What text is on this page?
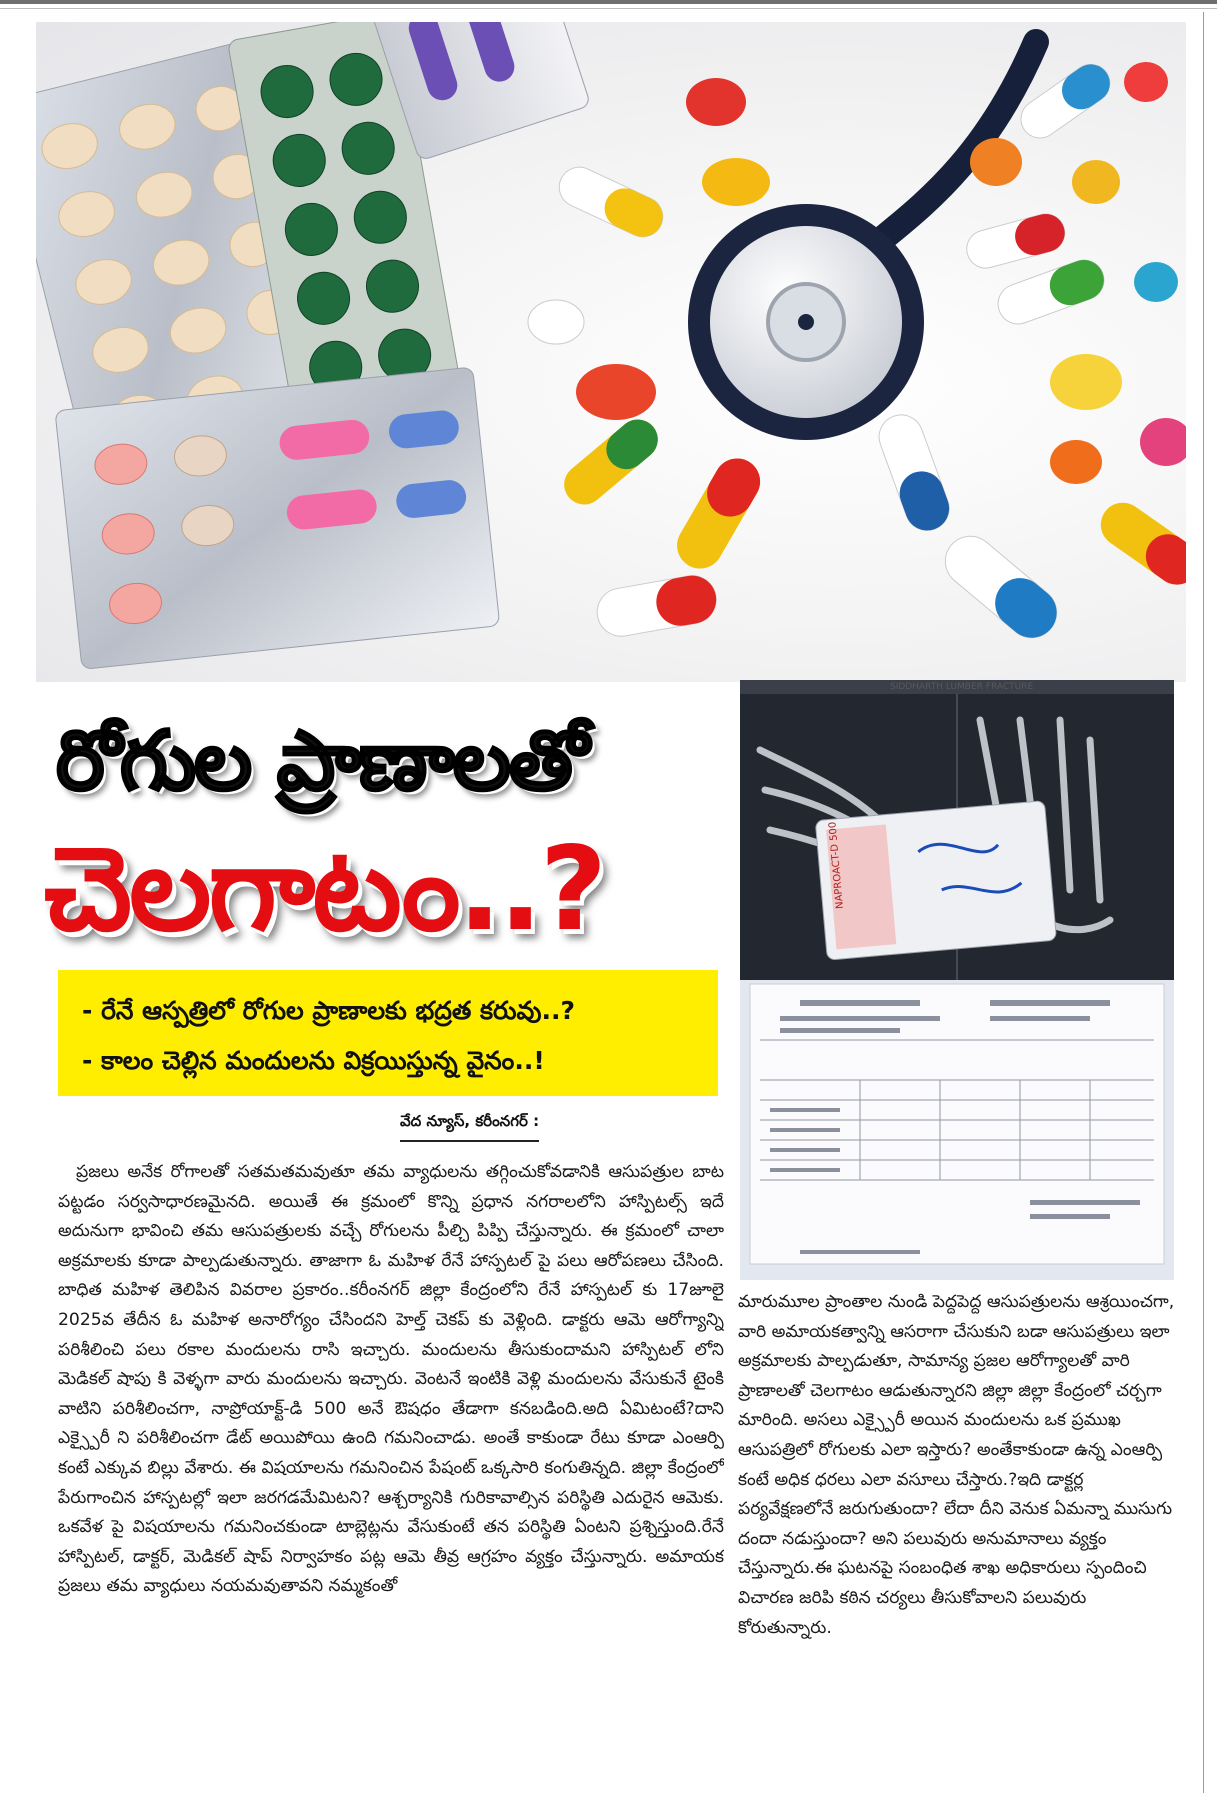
NAPROACT-D 500
SIDDHARTH LUMBER FRACTURE
రోగుల ప్రాణాలతో
చెలగాటం..?
- రేనే ఆస్పత్రిలో రోగుల ప్రాణాలకు భద్రత కరువు..?
- కాలం చెల్లిన మందులను విక్రయిస్తున్న వైనం..!
వేద న్యూస్, కరీంనగర్ :
ప్రజలు అనేక రోగాలతో సతమతమవుతూ తమ వ్యాధులను తగ్గించుకోవడానికి ఆసుపత్రుల బాట పట్టడం సర్వసాధారణమైనది. అయితే ఈ క్రమంలో కొన్ని ప్రధాన నగరాలలోని హాస్పిటల్స్ ఇదే అదునుగా భావించి తమ ఆసుపత్రులకు వచ్చే రోగులను పీల్చి పిప్పి చేస్తున్నారు. ఈ క్రమంలో చాలా అక్రమాలకు కూడా పాల్పడుతున్నారు. తాజాగా ఓ మహిళ రేనే హాస్పటల్ పై పలు ఆరోపణలు చేసింది. బాధిత మహిళ తెలిపిన వివరాల ప్రకారం..కరీంనగర్ జిల్లా కేంద్రంలోని రేనే హాస్పటల్ కు 17జూలై 2025వ తేదీన ఓ మహిళ అనారోగ్యం చేసిందని హెల్త్ చెకప్ కు వెళ్లింది. డాక్టరు ఆమె ఆరోగ్యాన్ని పరిశీలించి పలు రకాల మందులను రాసి ఇచ్చారు. మందులను తీసుకుందామని హాస్పిటల్ లోని మెడికల్ షాపు కి వెళ్ళగా వారు మందులను ఇచ్చారు. వెంటనే ఇంటికి వెళ్లి మందులను వేసుకునే టైంకి వాటిని పరిశీలించగా, నాప్రోయాక్ట్-డి 500 అనే ఔషధం తేడాగా కనబడింది.అది ఏమిటంటే?దాని ఎక్స్పైరీ ని పరిశీలించగా డేట్ అయిపోయి ఉంది గమనించాడు. అంతే కాకుండా రేటు కూడా ఎంఆర్పి కంటే ఎక్కువ బిల్లు వేశారు. ఈ విషయాలను గమనించిన పేషంట్ ఒక్కసారి కంగుతిన్నది. జిల్లా కేంద్రంలో పేరుగాంచిన హాస్పటల్లో ఇలా జరగడమేమిటని? ఆశ్చర్యానికి గురికావాల్సిన పరిస్థితి ఎదురైన ఆమెకు. ఒకవేళ పై విషయాలను గమనించకుండా టాబ్లెట్లను వేసుకుంటే తన పరిస్థితి ఏంటని ప్రశ్నిస్తుంది.రేనే హాస్పిటల్, డాక్టర్, మెడికల్ షాప్ నిర్వాహకం పట్ల ఆమె తీవ్ర ఆగ్రహం వ్యక్తం చేస్తున్నారు. అమాయక ప్రజలు తమ వ్యాధులు నయమవుతావని నమ్మకంతో
మారుమూల ప్రాంతాల నుండి పెద్దపెద్ద ఆసుపత్రులను ఆశ్రయించగా, వారి అమాయకత్వాన్ని ఆసరాగా చేసుకుని బడా ఆసుపత్రులు ఇలా అక్రమాలకు పాల్పడుతూ, సామాన్య ప్రజల ఆరోగ్యాలతో వారి ప్రాణాలతో చెలగాటం ఆడుతున్నారని జిల్లా జిల్లా కేంద్రంలో చర్చగా మారింది. అసలు ఎక్స్పైరీ అయిన మందులను ఒక ప్రముఖ ఆసుపత్రిలో రోగులకు ఎలా ఇస్తారు? అంతేకాకుండా ఉన్న ఎంఆర్పి కంటే అధిక ధరలు ఎలా వసూలు చేస్తారు.?ఇది డాక్టర్ల పర్యవేక్షణలోనే జరుగుతుందా? లేదా దీని వెనుక ఏమన్నా ముసుగు దందా నడుస్తుందా? అని పలువురు అనుమానాలు వ్యక్తం చేస్తున్నారు.ఈ ఘటనపై సంబంధిత శాఖ అధికారులు స్పందించి విచారణ జరిపి కఠిన చర్యలు తీసుకోవాలని పలువురు కోరుతున్నారు.
